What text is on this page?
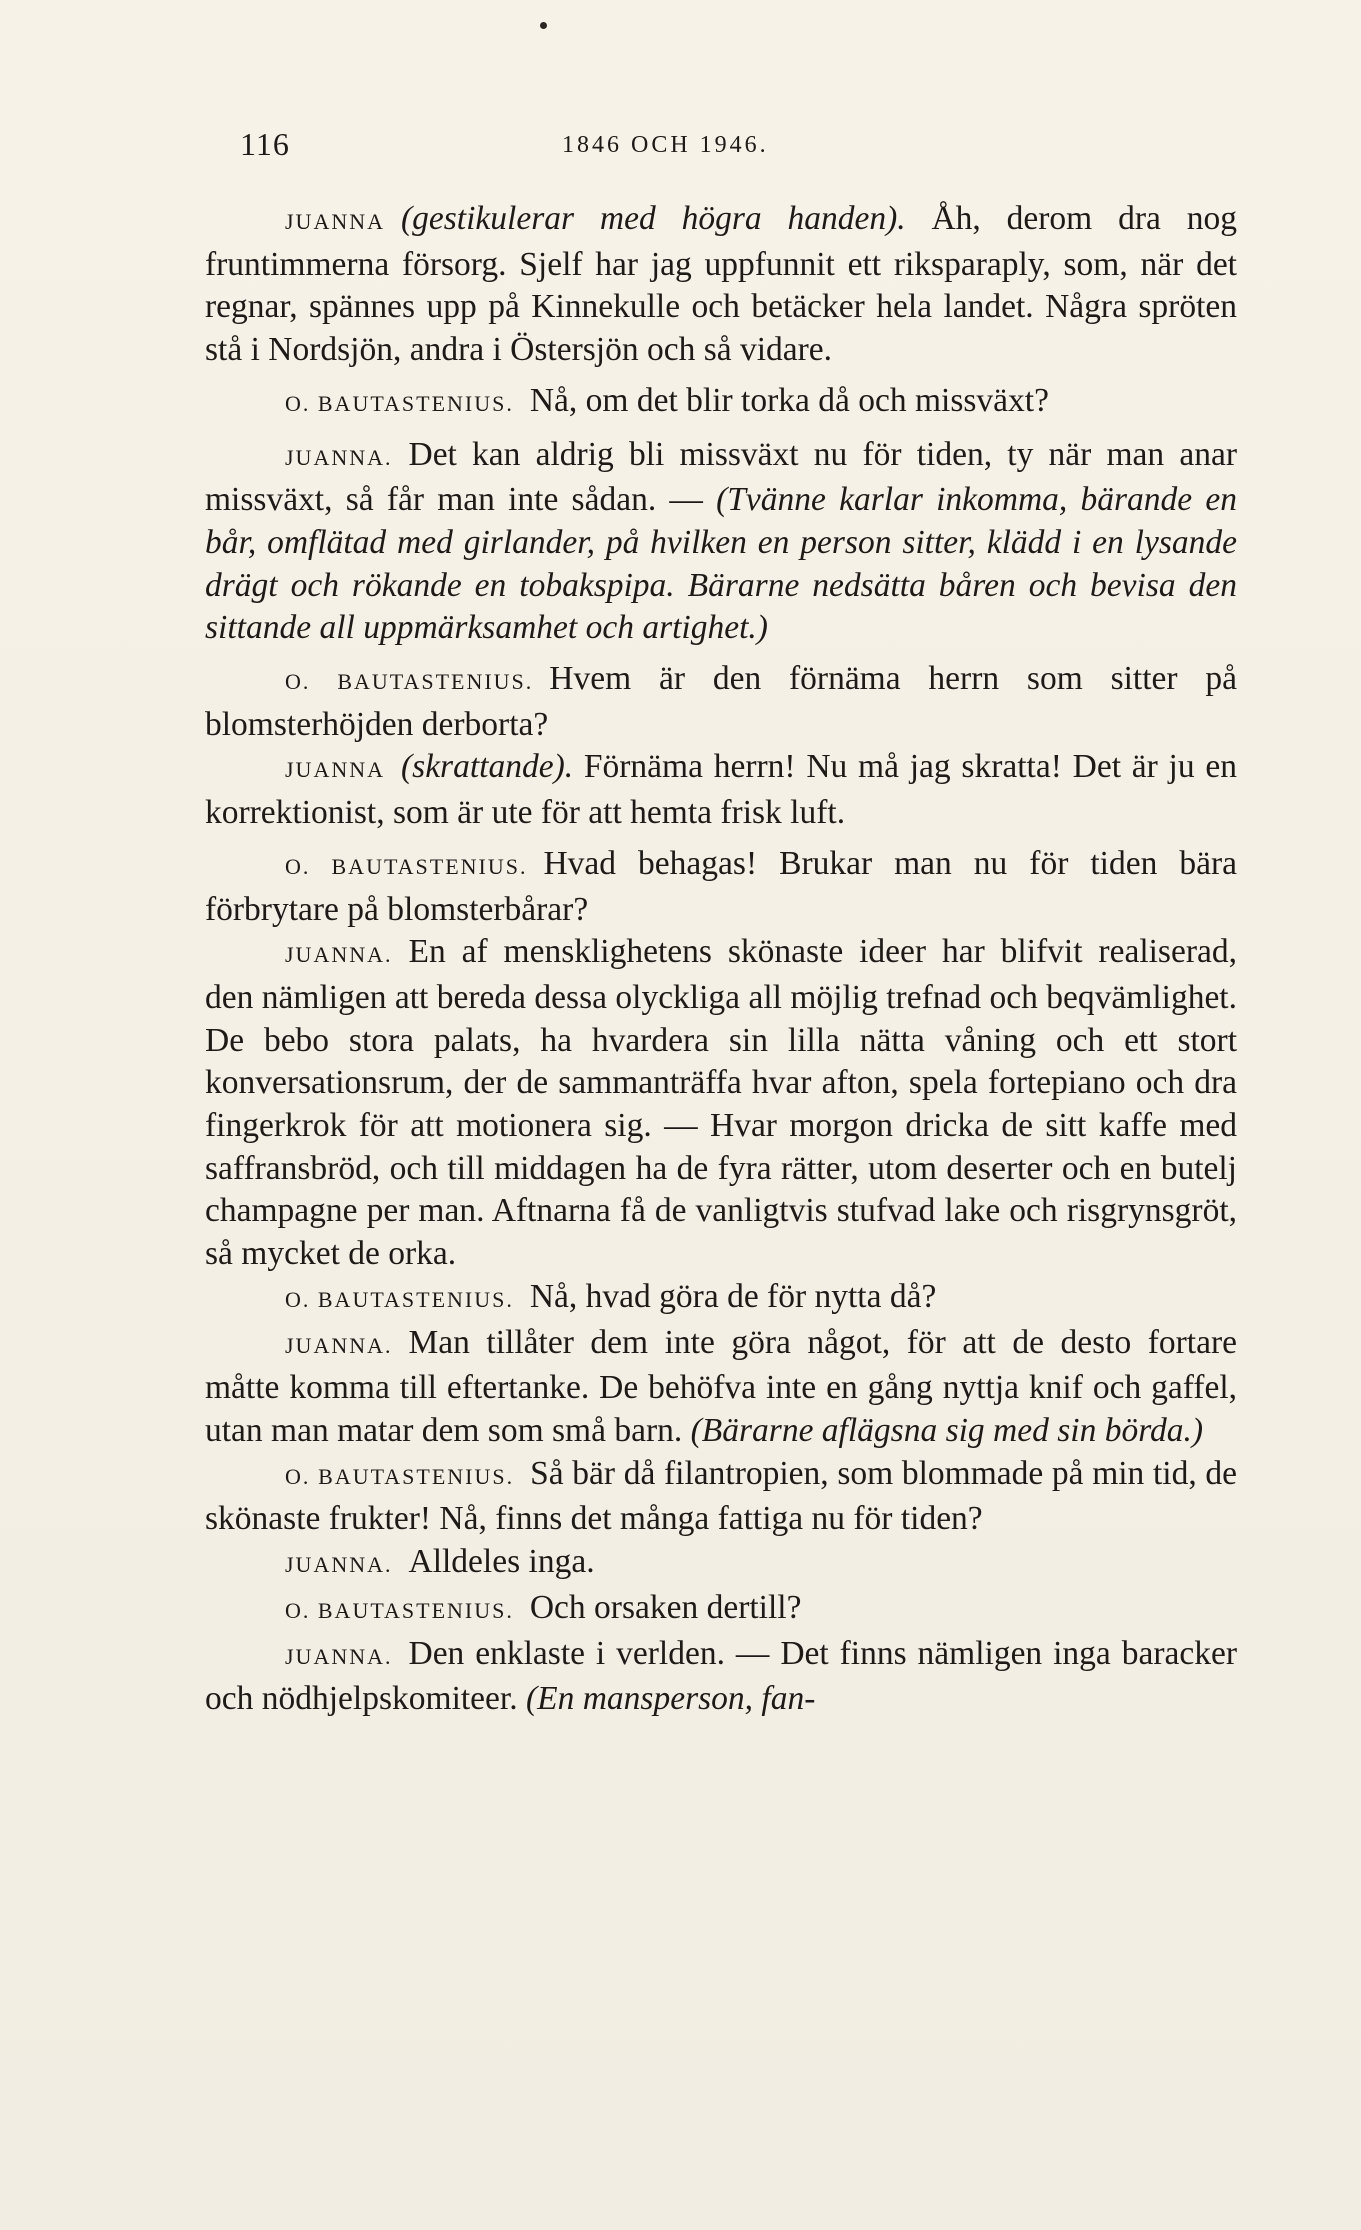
116	1846 OCH 1946.

JUANNA (gestikulerar med högra handen). Åh, derom dra nog fruntimmerna försorg. Sjelf har jag uppfunnit ett riksparaply, som, när det regnar, spännes upp på Kinnekulle och betäcker hela landet. Några spröten stå i Nordsjön, andra i Östersjön och så vidare.

O. BAUTASTENIUS. Nå, om det blir torka då och missväxt?

JUANNA. Det kan aldrig bli missväxt nu för tiden, ty när man anar missväxt, så får man inte sådan. — (Tvänne karlar inkomma, bärande en bår, omflätad med girlander, på hvilken en person sitter, klädd i en lysande drägt och rökande en tobakspipa. Bärarne nedsätta båren och bevisa den sittande all uppmärksamhet och artighet.)

O. BAUTASTENIUS. Hvem är den förnäma herrn som sitter på blomsterhöjden derborta?

JUANNA (skrattande). Förnäma herrn! Nu må jag skratta! Det är ju en korrektionist, som är ute för att hemta frisk luft.

O. BAUTASTENIUS. Hvad behagas! Brukar man nu för tiden bära förbrytare på blomsterbårar?

JUANNA. En af mensklighetens skönaste ideer har blifvit realiserad, den nämligen att bereda dessa olyckliga all möjlig trefnad och beqvämlighet. De bebo stora palats, ha hvardera sin lilla nätta våning och ett stort konversationsrum, der de sammanträffa hvar afton, spela fortepiano och dra fingerkrok för att motionera sig. — Hvar morgon dricka de sitt kaffe med saffransbröd, och till middagen ha de fyra rätter, utom deserter och en butelj champagne per man. Aftnarna få de vanligtvis stufvad lake och risgrynsgröt, så mycket de orka.

O. BAUTASTENIUS. Nå, hvad göra de för nytta då?

JUANNA. Man tillåter dem inte göra något, för att de desto fortare måtte komma till eftertanke. De behöfva inte en gång nyttja knif och gaffel, utan man matar dem som små barn. (Bärarne aflägsna sig med sin börda.)

O. BAUTASTENIUS. Så bär då filantropien, som blommade på min tid, de skönaste frukter! Nå, finns det många fattiga nu för tiden?

JUANNA. Alldeles inga.

O. BAUTASTENIUS. Och orsaken dertill?

JUANNA. Den enklaste i verlden. — Det finns nämligen inga baracker och nödhjelpskomiteer. (En mansperson, fan-
